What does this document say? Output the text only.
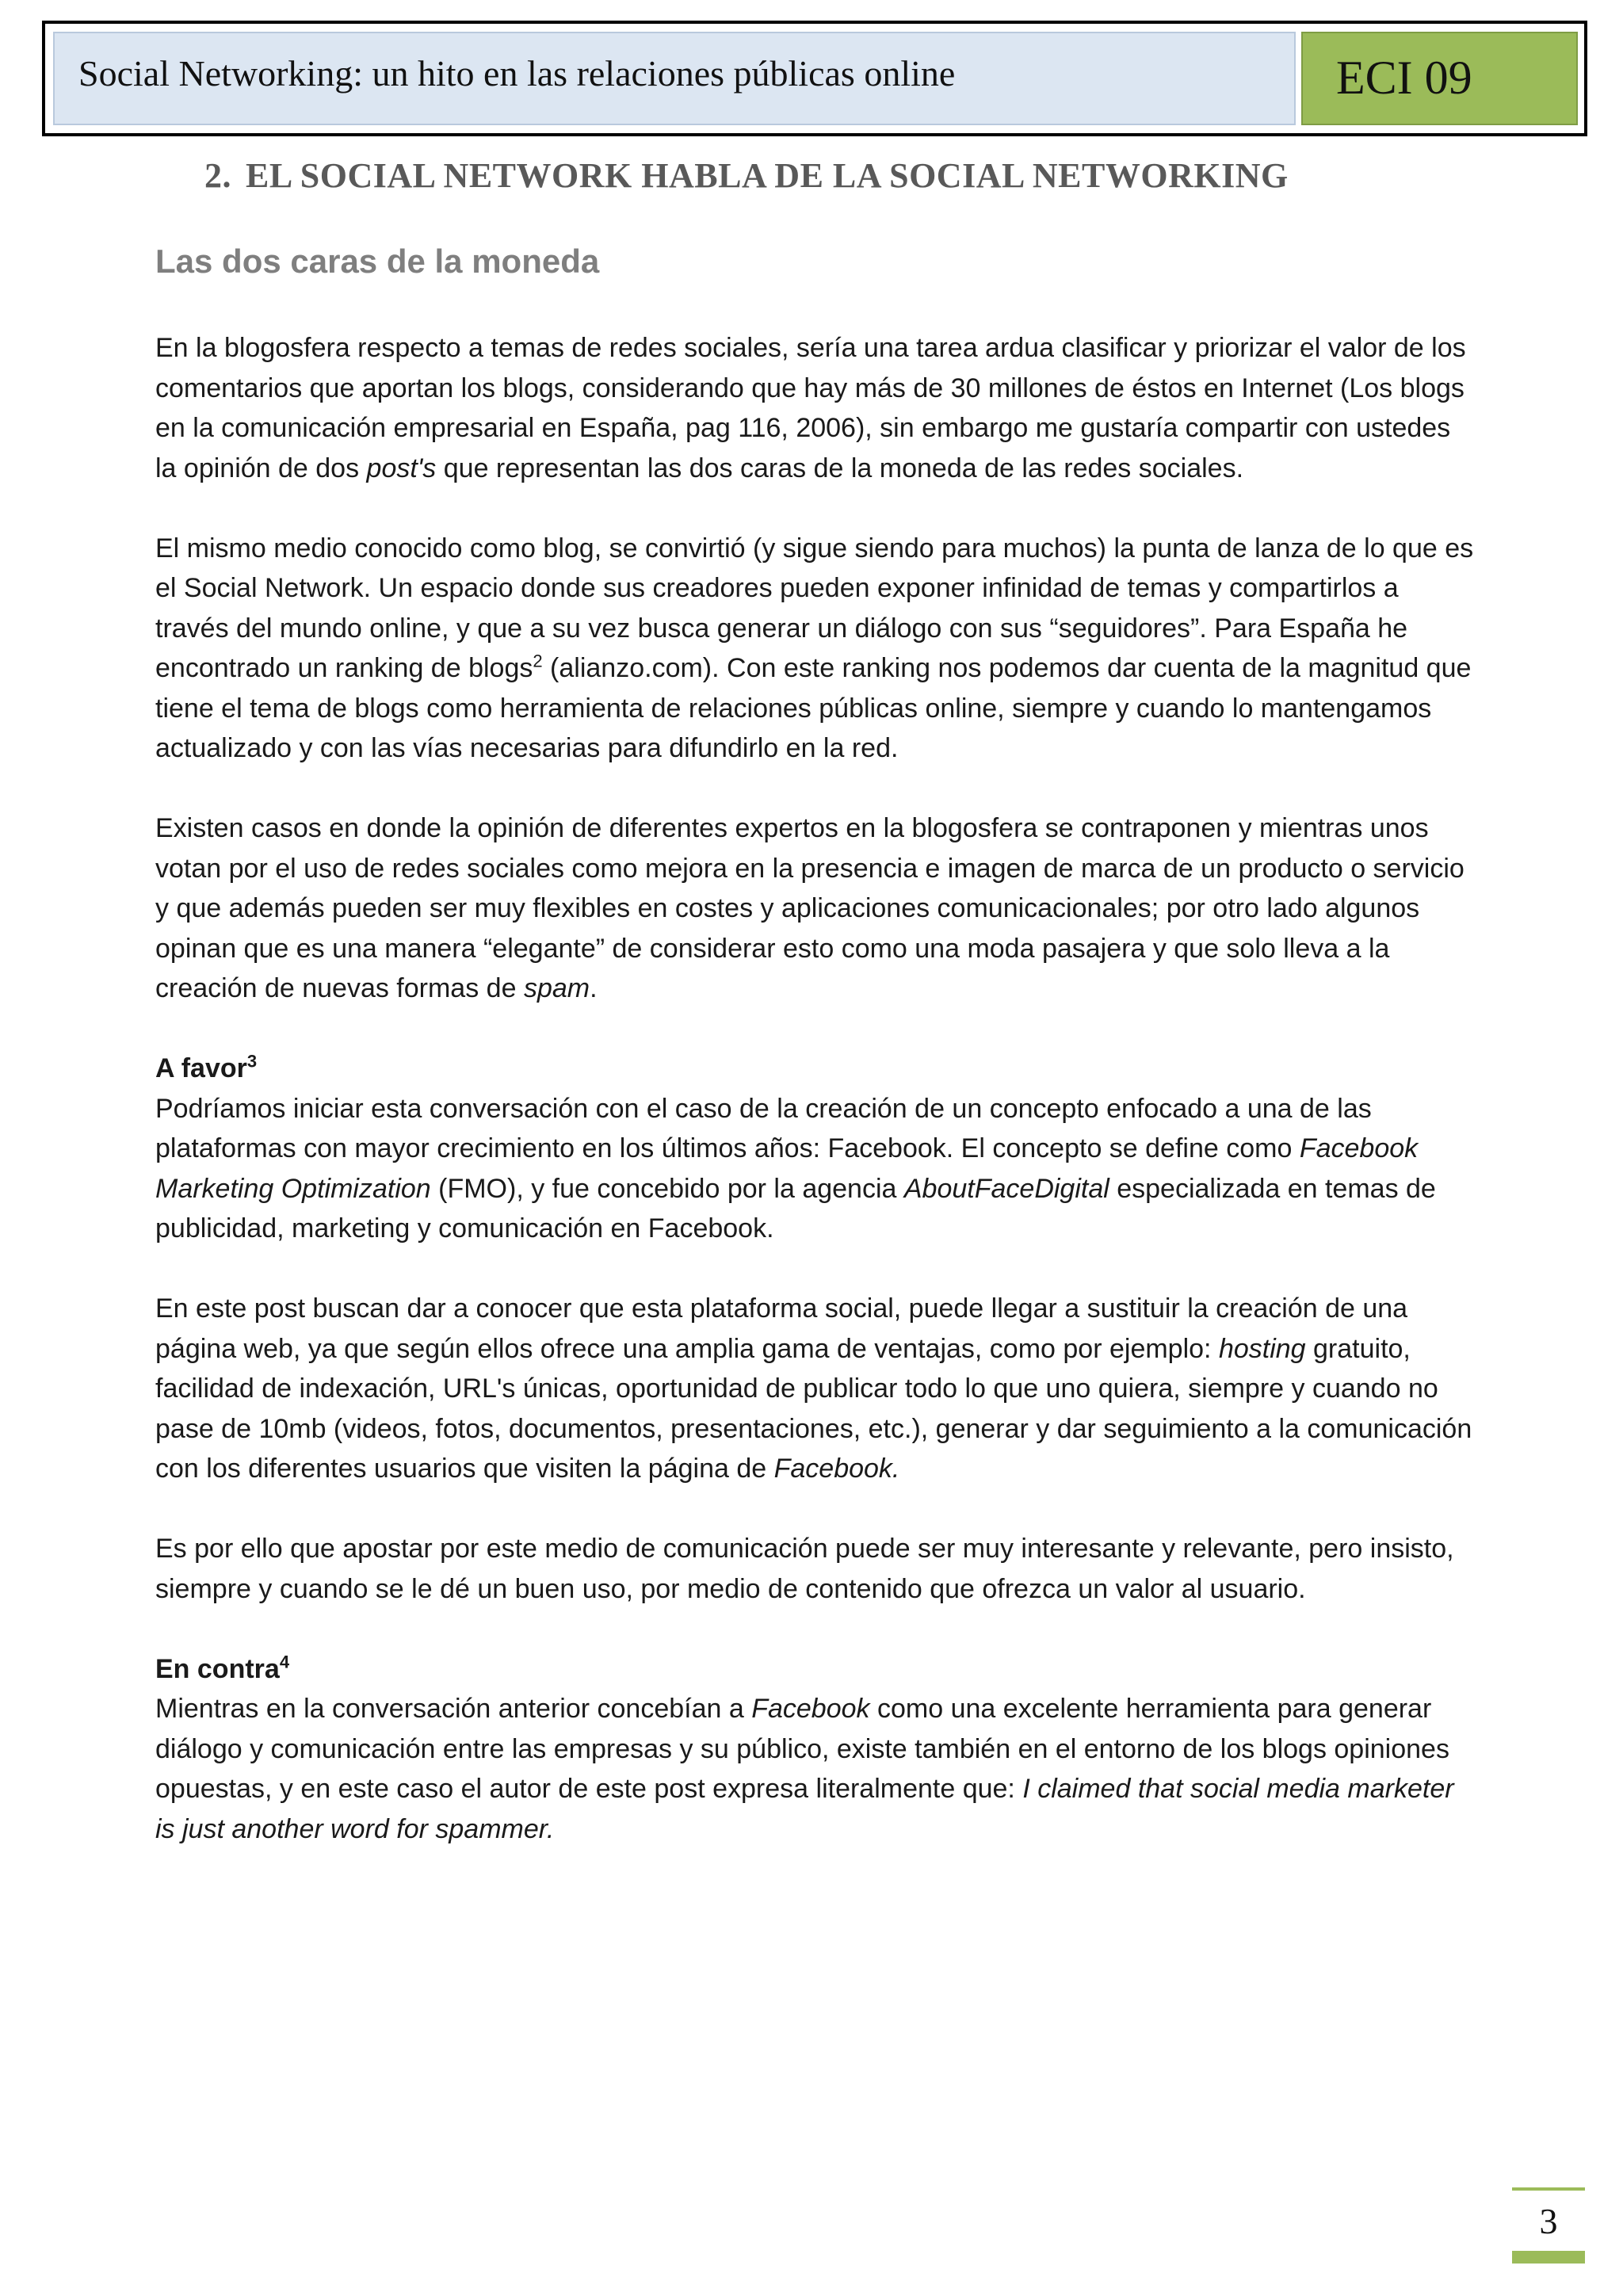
Social Networking: un hito en las relaciones públicas online	ECI 09
2. EL SOCIAL NETWORK HABLA DE LA SOCIAL NETWORKING
Las dos caras de la moneda

En la blogosfera respecto a temas de redes sociales, sería una tarea ardua clasificar y priorizar el valor de los comentarios que aportan los blogs, considerando que hay más de 30 millones de éstos en Internet (Los blogs en la comunicación empresarial en España, pag 116, 2006), sin embargo me gustaría compartir con ustedes la opinión de dos post's que representan las dos caras de la moneda de las redes sociales.

El mismo medio conocido como blog, se convirtió (y sigue siendo para muchos) la punta de lanza de lo que es el Social Network. Un espacio donde sus creadores pueden exponer infinidad de temas y compartirlos a través del mundo online, y que a su vez busca generar un diálogo con sus “seguidores”. Para España he encontrado un ranking de blogs$^2$ (alianzo.com). Con este ranking nos podemos dar cuenta de la magnitud que tiene el tema de blogs como herramienta de relaciones públicas online, siempre y cuando lo mantengamos actualizado y con las vías necesarias para difundirlo en la red.

Existen casos en donde la opinión de diferentes expertos en la blogosfera se contraponen y mientras unos votan por el uso de redes sociales como mejora en la presencia e imagen de marca de un producto o servicio y que además pueden ser muy flexibles en costes y aplicaciones comunicacionales; por otro lado algunos opinan que es una manera “elegante” de considerar esto como una moda pasajera y que solo lleva a la creación de nuevas formas de spam.

A favor$^3$
Podríamos iniciar esta conversación con el caso de la creación de un concepto enfocado a una de las plataformas con mayor crecimiento en los últimos años: Facebook. El concepto se define como Facebook Marketing Optimization (FMO), y fue concebido por la agencia AboutFaceDigital especializada en temas de publicidad, marketing y comunicación en Facebook.

En este post buscan dar a conocer que esta plataforma social, puede llegar a sustituir la creación de una página web, ya que según ellos ofrece una amplia gama de ventajas, como por ejemplo: hosting gratuito, facilidad de indexación, URL's únicas, oportunidad de publicar todo lo que uno quiera, siempre y cuando no pase de 10mb (videos, fotos, documentos, presentaciones, etc.), generar y dar seguimiento a la comunicación con los diferentes usuarios que visiten la página de Facebook.

Es por ello que apostar por este medio de comunicación puede ser muy interesante y relevante, pero insisto, siempre y cuando se le dé un buen uso, por medio de contenido que ofrezca un valor al usuario.

En contra$^4$
Mientras en la conversación anterior concebían a Facebook como una excelente herramienta para generar diálogo y comunicación entre las empresas y su público, existe también en el entorno de los blogs opiniones opuestas, y en este caso el autor de este post expresa literalmente que: I claimed that social media marketer is just another word for spammer.

3
